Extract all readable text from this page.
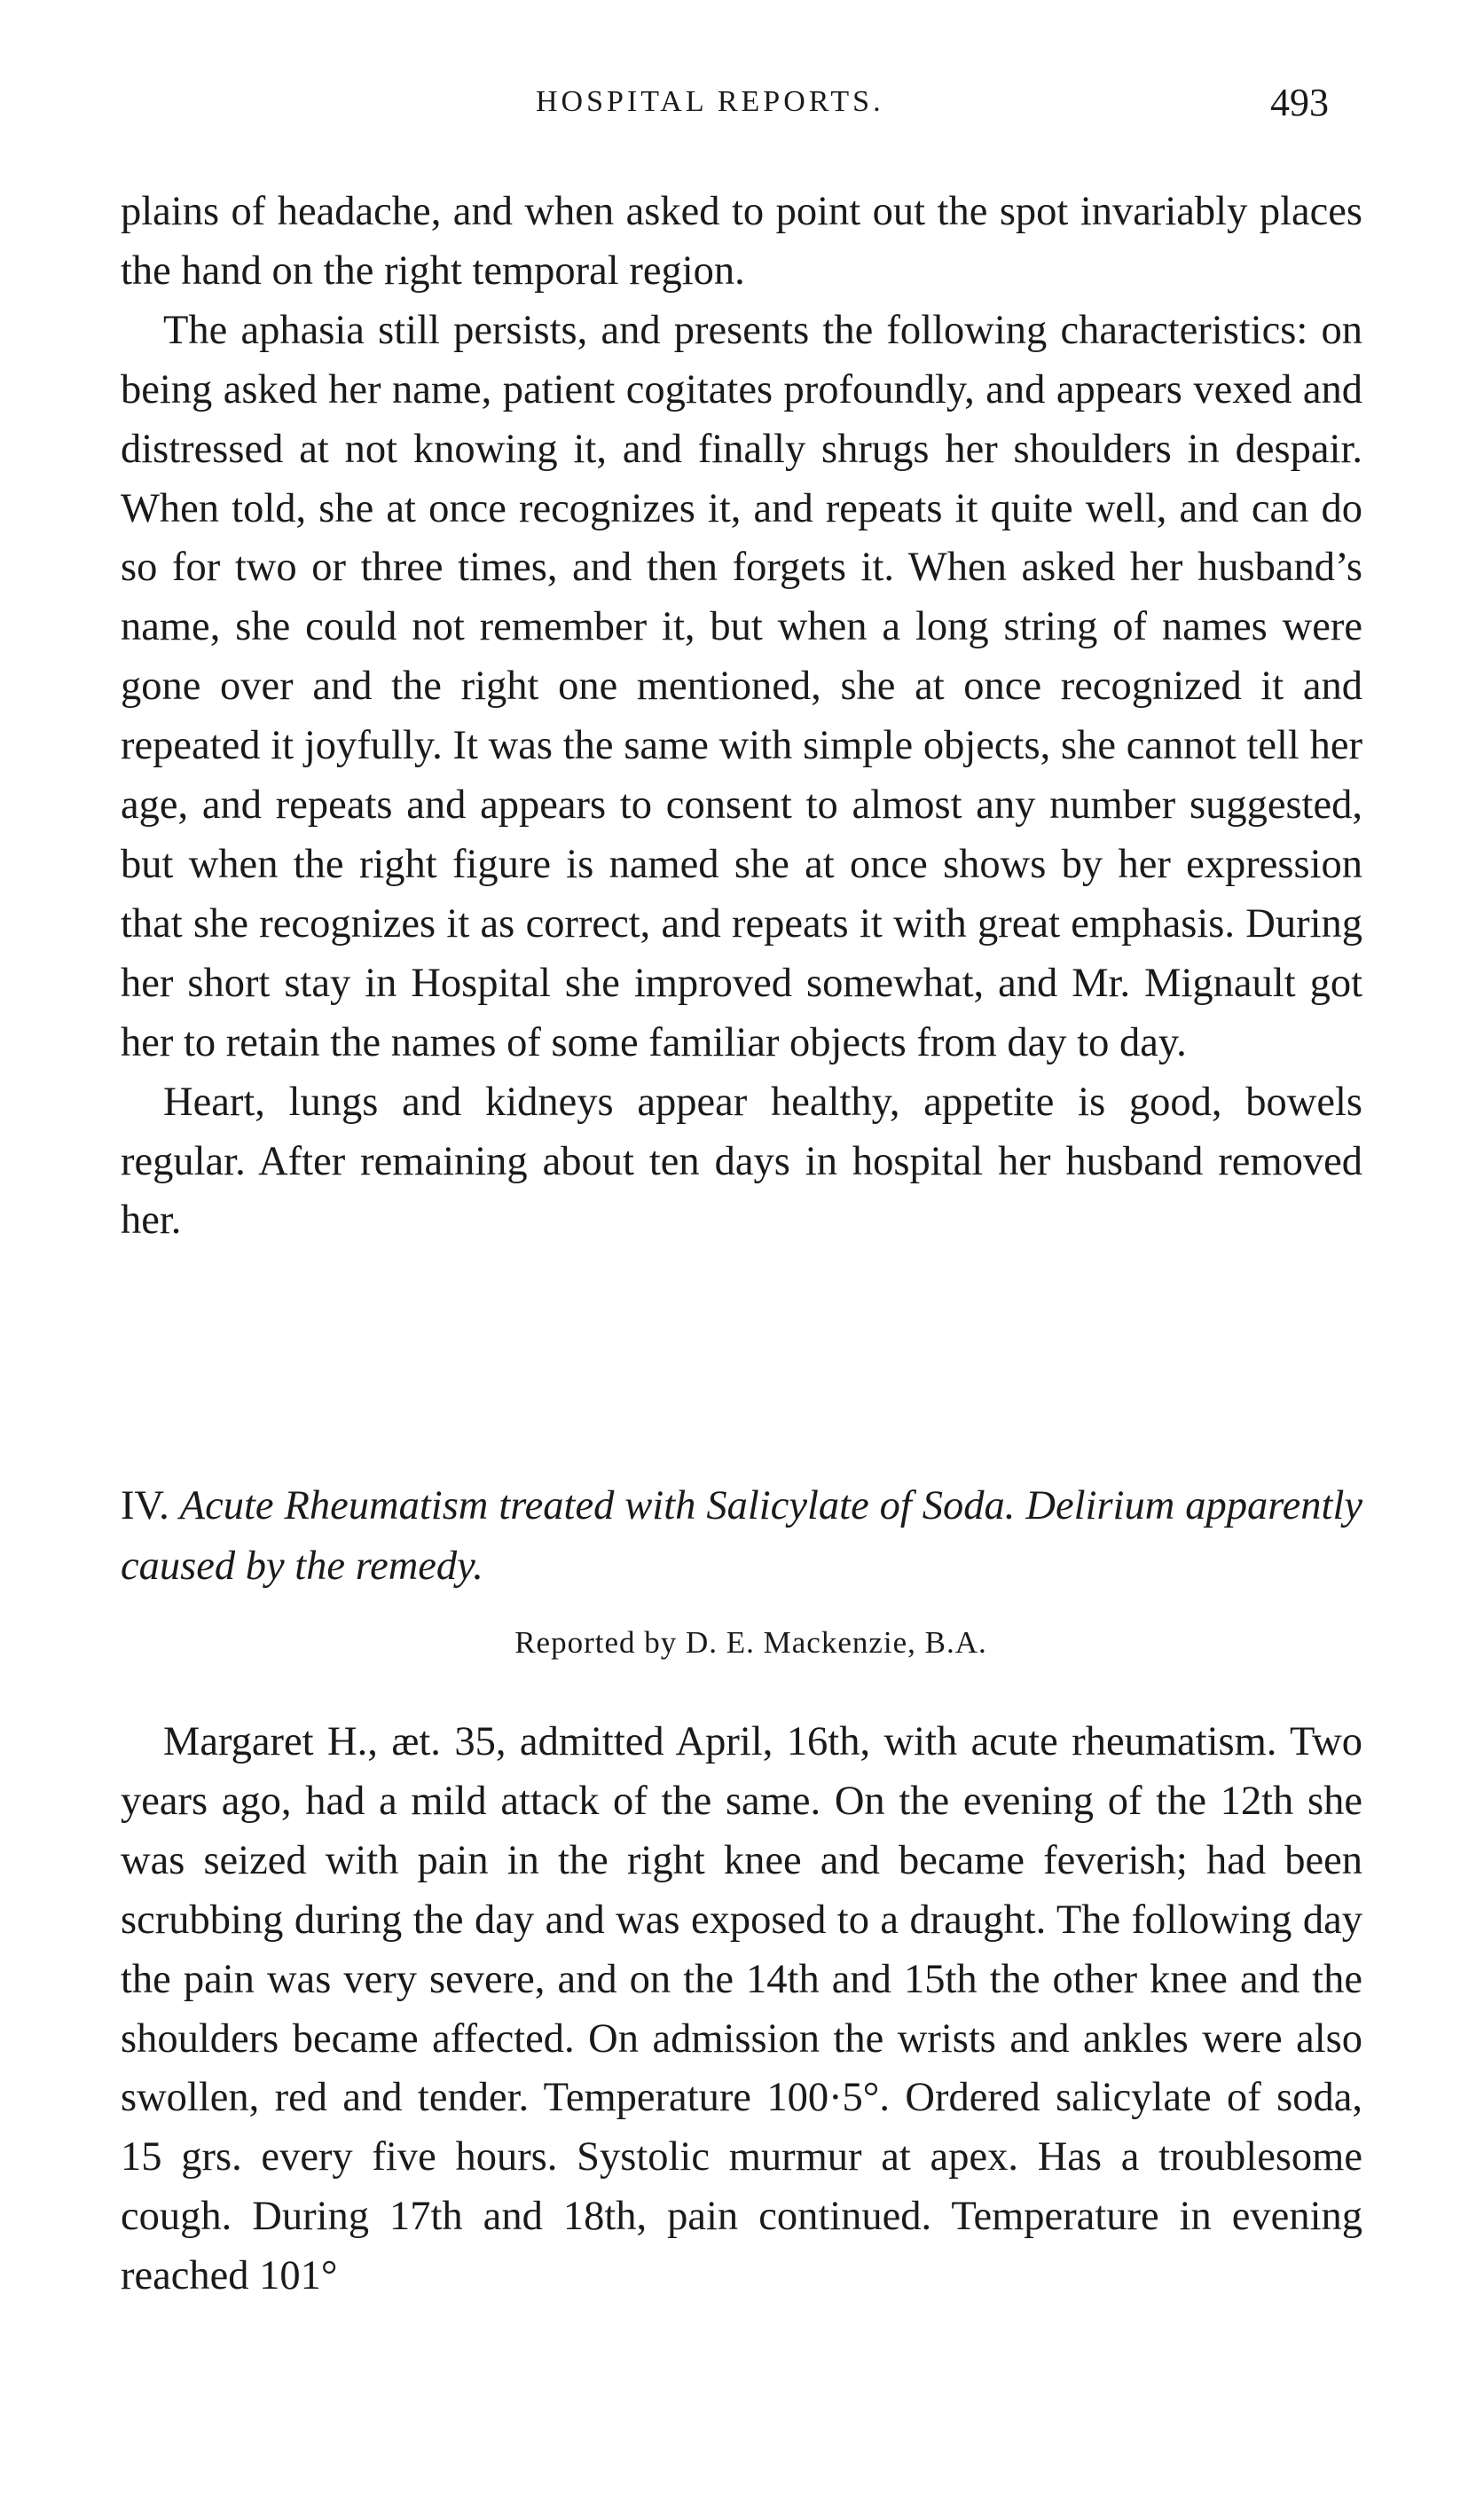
HOSPITAL REPORTS.	493

plains of headache, and when asked to point out the spot invariably places the hand on the right temporal region.

The aphasia still persists, and presents the following characteristics: on being asked her name, patient cogitates profoundly, and appears vexed and distressed at not knowing it, and finally shrugs her shoulders in despair. When told, she at once recognizes it, and repeats it quite well, and can do so for two or three times, and then forgets it. When asked her husband’s name, she could not remember it, but when a long string of names were gone over and the right one mentioned, she at once recognized it and repeated it joyfully. It was the same with simple objects, she cannot tell her age, and repeats and appears to consent to almost any number suggested, but when the right figure is named she at once shows by her expression that she recognizes it as correct, and repeats it with great emphasis. During her short stay in Hospital she improved somewhat, and Mr. Mignault got her to retain the names of some familiar objects from day to day.

Heart, lungs and kidneys appear healthy, appetite is good, bowels regular. After remaining about ten days in hospital her husband removed her.

IV. Acute Rheumatism treated with Salicylate of Soda. Delirium apparently caused by the remedy.
Reported by D. E. Mackenzie, B.A.

Margaret H., æt. 35, admitted April, 16th, with acute rheumatism. Two years ago, had a mild attack of the same. On the evening of the 12th she was seized with pain in the right knee and became feverish; had been scrubbing during the day and was exposed to a draught. The following day the pain was very severe, and on the 14th and 15th the other knee and the shoulders became affected. On admission the wrists and ankles were also swollen, red and tender. Temperature 100·5°. Ordered salicylate of soda, 15 grs. every five hours. Systolic murmur at apex. Has a troublesome cough. During 17th and 18th, pain continued. Temperature in evening reached 101°
